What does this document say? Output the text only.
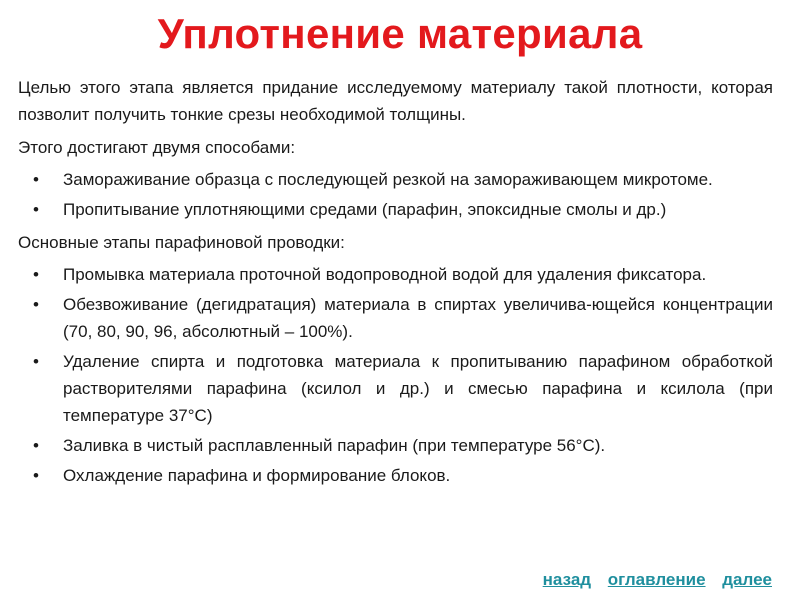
Уплотнение материала

Целью этого этапа является придание исследуемому материалу такой плотности, которая позволит получить тонкие срезы необходимой толщины.

Этого достигают двумя способами:

• Замораживание образца с последующей резкой на замораживающем микротоме.
• Пропитывание уплотняющими средами (парафин, эпоксидные смолы и др.)

Основные этапы парафиновой проводки:

• Промывка материала проточной водопроводной водой для удаления фиксатора.
• Обезвоживание (дегидратация) материала в спиртах увеличива-ющейся концентрации (70, 80, 90, 96, абсолютный – 100%).
• Удаление спирта и подготовка материала к пропитыванию парафином обработкой растворителями парафина (ксилол и др.) и смесью парафина и ксилола (при температуре 37°С)
• Заливка в чистый расплавленный парафин (при температуре 56°С).
• Охлаждение парафина и формирование блоков.
назад оглавление далее
